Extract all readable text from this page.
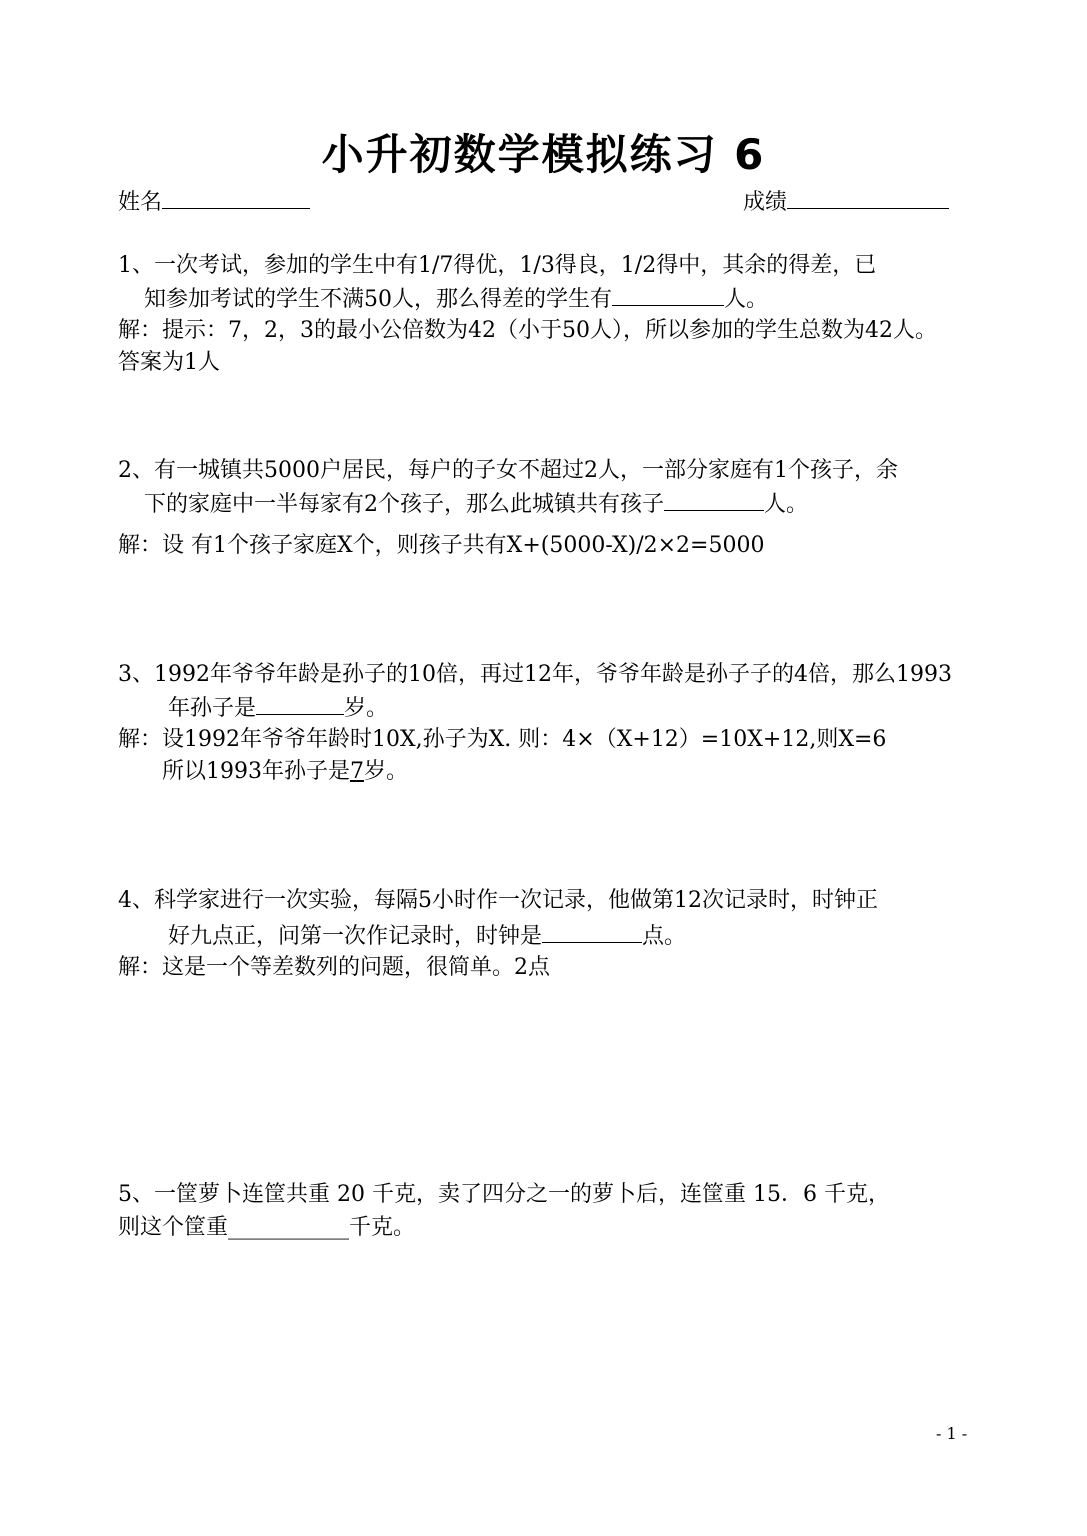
小升初数学模拟练习 6
姓名	成绩
1、一次考试，参加的学生中有1/7得优，1/3得良，1/2得中，其余的得差，已
知参加考试的学生不满50人，那么得差的学生有	人。
解：提示：7，2，3的最小公倍数为42（小于50人），所以参加的学生总数为42人。
答案为1人
2、有一城镇共5000户居民，每户的子女不超过2人，一部分家庭有1个孩子，余
下的家庭中一半每家有2个孩子，那么此城镇共有孩子	人。
解：设 有1个孩子家庭X个，则孩子共有X+(5000-X)/2×2=5000
3、1992年爷爷年龄是孙子的10倍，再过12年，爷爷年龄是孙子子的4倍，那么1993
年孙子是	岁。
解：设1992年爷爷年龄时10X,孙子为X. 则：4×（X+12）=10X+12,则X=6
所以1993年孙子是7岁。
4、科学家进行一次实验，每隔5小时作一次记录，他做第12次记录时，时钟正
好九点正，问第一次作记录时，时钟是	点。
解：这是一个等差数列的问题，很简单。2点
5、一筐萝卜连筐共重 20 千克，卖了四分之一的萝卜后，连筐重 15．6 千克，
则这个筐重___________千克。
- 1 -
